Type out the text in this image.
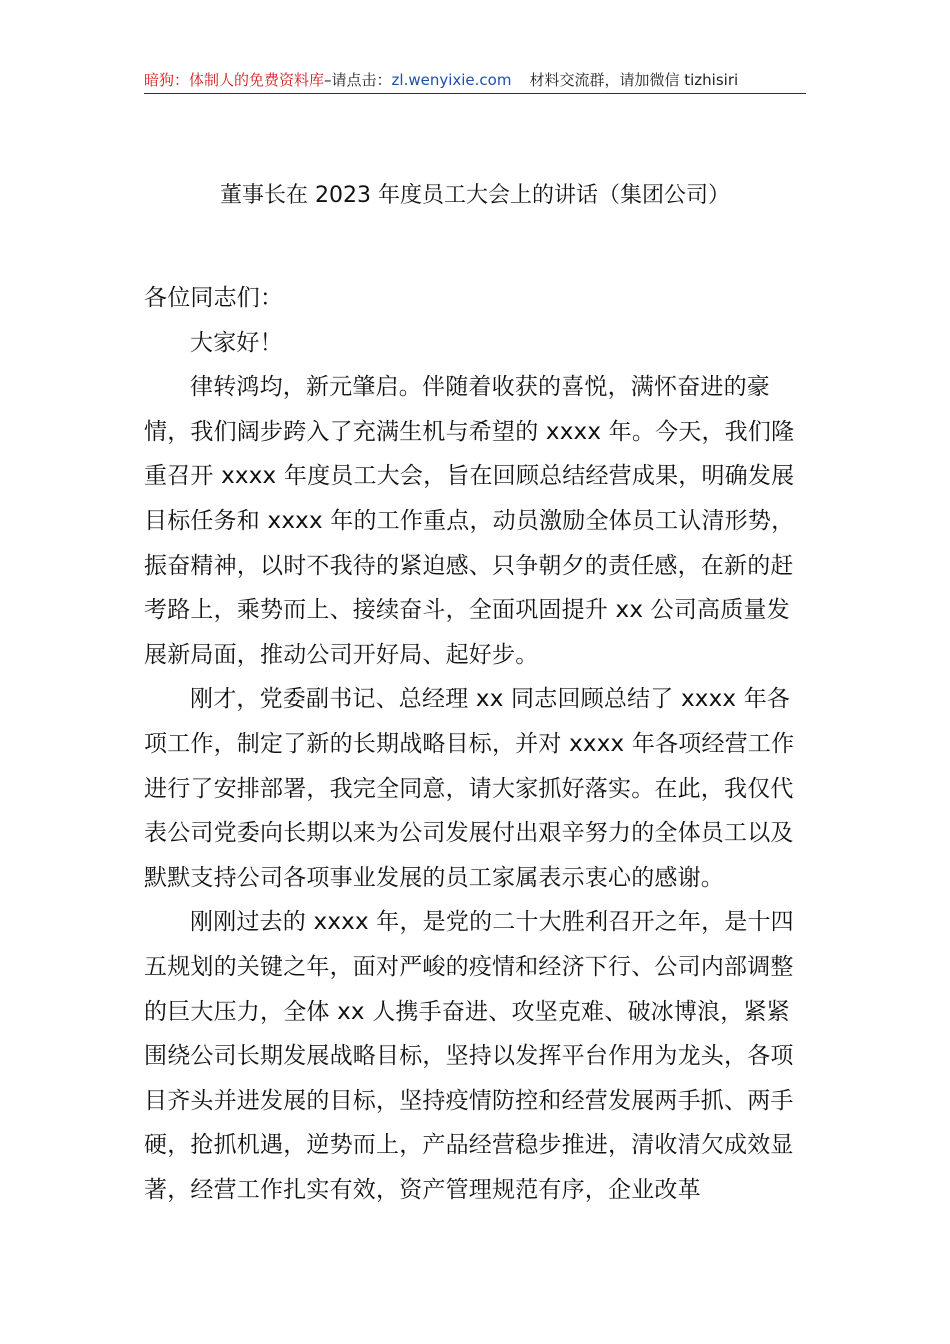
暗狗：体制人的免费资料库–请点击：zl.wenyixie.com 材料交流群，请加微信 tizhisiri
董事长在 2023 年度员工大会上的讲话（集团公司）

各位同志们：

大家好！

律转鸿均，新元肇启。伴随着收获的喜悦，满怀奋进的豪情，我们阔步跨入了充满生机与希望的 xxxx 年。今天，我们隆重召开 xxxx 年度员工大会，旨在回顾总结经营成果，明确发展目标任务和 xxxx 年的工作重点，动员激励全体员工认清形势，振奋精神，以时不我待的紧迫感、只争朝夕的责任感，在新的赶考路上，乘势而上、接续奋斗，全面巩固提升 xx 公司高质量发展新局面，推动公司开好局、起好步。

刚才，党委副书记、总经理 xx 同志回顾总结了 xxxx 年各项工作，制定了新的长期战略目标，并对 xxxx 年各项经营工作进行了安排部署，我完全同意，请大家抓好落实。在此，我仅代表公司党委向长期以来为公司发展付出艰辛努力的全体员工以及默默支持公司各项事业发展的员工家属表示衷心的感谢。

刚刚过去的 xxxx 年，是党的二十大胜利召开之年，是十四五规划的关键之年，面对严峻的疫情和经济下行、公司内部调整的巨大压力，全体 xx 人携手奋进、攻坚克难、破冰博浪，紧紧围绕公司长期发展战略目标，坚持以发挥平台作用为龙头，各项目齐头并进发展的目标，坚持疫情防控和经营发展两手抓、两手硬，抢抓机遇，逆势而上，产品经营稳步推进，清收清欠成效显著，经营工作扎实有效，资产管理规范有序，企业改革
